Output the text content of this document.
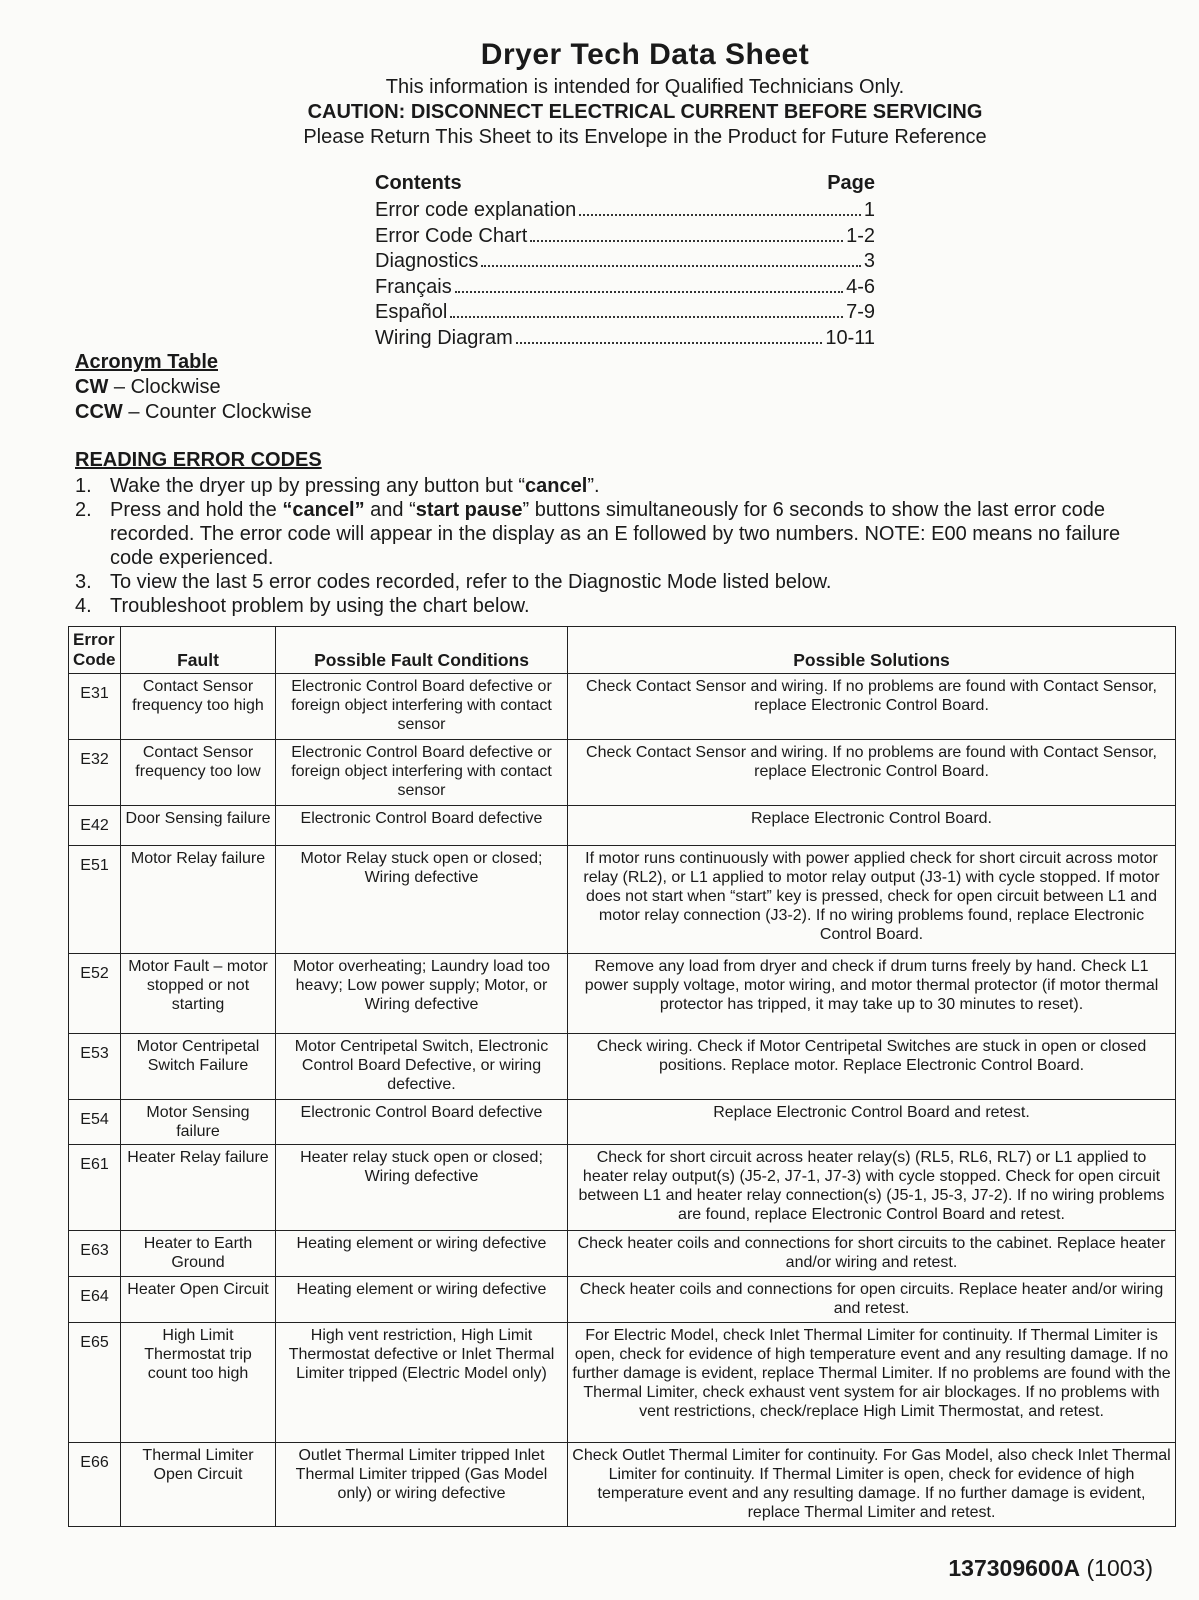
Dryer Tech Data Sheet
This information is intended for Qualified Technicians Only.
CAUTION: DISCONNECT ELECTRICAL CURRENT BEFORE SERVICING
Please Return This Sheet to its Envelope in the Product for Future Reference
Contents	Page
Error code explanation	1
Error Code Chart	1-2
Diagnostics	3
Français	4-6
Español	7-9
Wiring Diagram	10-11
Acronym Table
CW – Clockwise
CCW – Counter Clockwise
READING ERROR CODES
1. Wake the dryer up by pressing any button but “cancel”.
2. Press and hold the “cancel” and “start pause” buttons simultaneously for 6 seconds to show the last error code recorded. The error code will appear in the display as an E followed by two numbers. NOTE: E00 means no failure code experienced.
3. To view the last 5 error codes recorded, refer to the Diagnostic Mode listed below.
4. Troubleshoot problem by using the chart below.
Error Code	Fault	Possible Fault Conditions	Possible Solutions
E31	Contact Sensor frequency too high	Electronic Control Board defective or foreign object interfering with contact sensor	Check Contact Sensor and wiring. If no problems are found with Contact Sensor, replace Electronic Control Board.
E32	Contact Sensor frequency too low	Electronic Control Board defective or foreign object interfering with contact sensor	Check Contact Sensor and wiring. If no problems are found with Contact Sensor, replace Electronic Control Board.
E42	Door Sensing failure	Electronic Control Board defective	Replace Electronic Control Board.
E51	Motor Relay failure	Motor Relay stuck open or closed; Wiring defective	If motor runs continuously with power applied check for short circuit across motor relay (RL2), or L1 applied to motor relay output (J3-1) with cycle stopped. If motor does not start when “start” key is pressed, check for open circuit between L1 and motor relay connection (J3-2). If no wiring problems found, replace Electronic Control Board.
E52	Motor Fault – motor stopped or not starting	Motor overheating; Laundry load too heavy; Low power supply; Motor, or Wiring defective	Remove any load from dryer and check if drum turns freely by hand. Check L1 power supply voltage, motor wiring, and motor thermal protector (if motor thermal protector has tripped, it may take up to 30 minutes to reset).
E53	Motor Centripetal Switch Failure	Motor Centripetal Switch, Electronic Control Board Defective, or wiring defective.	Check wiring. Check if Motor Centripetal Switches are stuck in open or closed positions. Replace motor. Replace Electronic Control Board.
E54	Motor Sensing failure	Electronic Control Board defective	Replace Electronic Control Board and retest.
E61	Heater Relay failure	Heater relay stuck open or closed; Wiring defective	Check for short circuit across heater relay(s) (RL5, RL6, RL7) or L1 applied to heater relay output(s) (J5-2, J7-1, J7-3) with cycle stopped. Check for open circuit between L1 and heater relay connection(s) (J5-1, J5-3, J7-2). If no wiring problems are found, replace Electronic Control Board and retest.
E63	Heater to Earth Ground	Heating element or wiring defective	Check heater coils and connections for short circuits to the cabinet. Replace heater and/or wiring and retest.
E64	Heater Open Circuit	Heating element or wiring defective	Check heater coils and connections for open circuits. Replace heater and/or wiring and retest.
E65	High Limit Thermostat trip count too high	High vent restriction, High Limit Thermostat defective or Inlet Thermal Limiter tripped (Electric Model only)	For Electric Model, check Inlet Thermal Limiter for continuity. If Thermal Limiter is open, check for evidence of high temperature event and any resulting damage. If no further damage is evident, replace Thermal Limiter. If no problems are found with the Thermal Limiter, check exhaust vent system for air blockages. If no problems with vent restrictions, check/replace High Limit Thermostat, and retest.
E66	Thermal Limiter Open Circuit	Outlet Thermal Limiter tripped Inlet Thermal Limiter tripped (Gas Model only) or wiring defective	Check Outlet Thermal Limiter for continuity. For Gas Model, also check Inlet Thermal Limiter for continuity. If Thermal Limiter is open, check for evidence of high temperature event and any resulting damage. If no further damage is evident, replace Thermal Limiter and retest.
137309600A (1003)
